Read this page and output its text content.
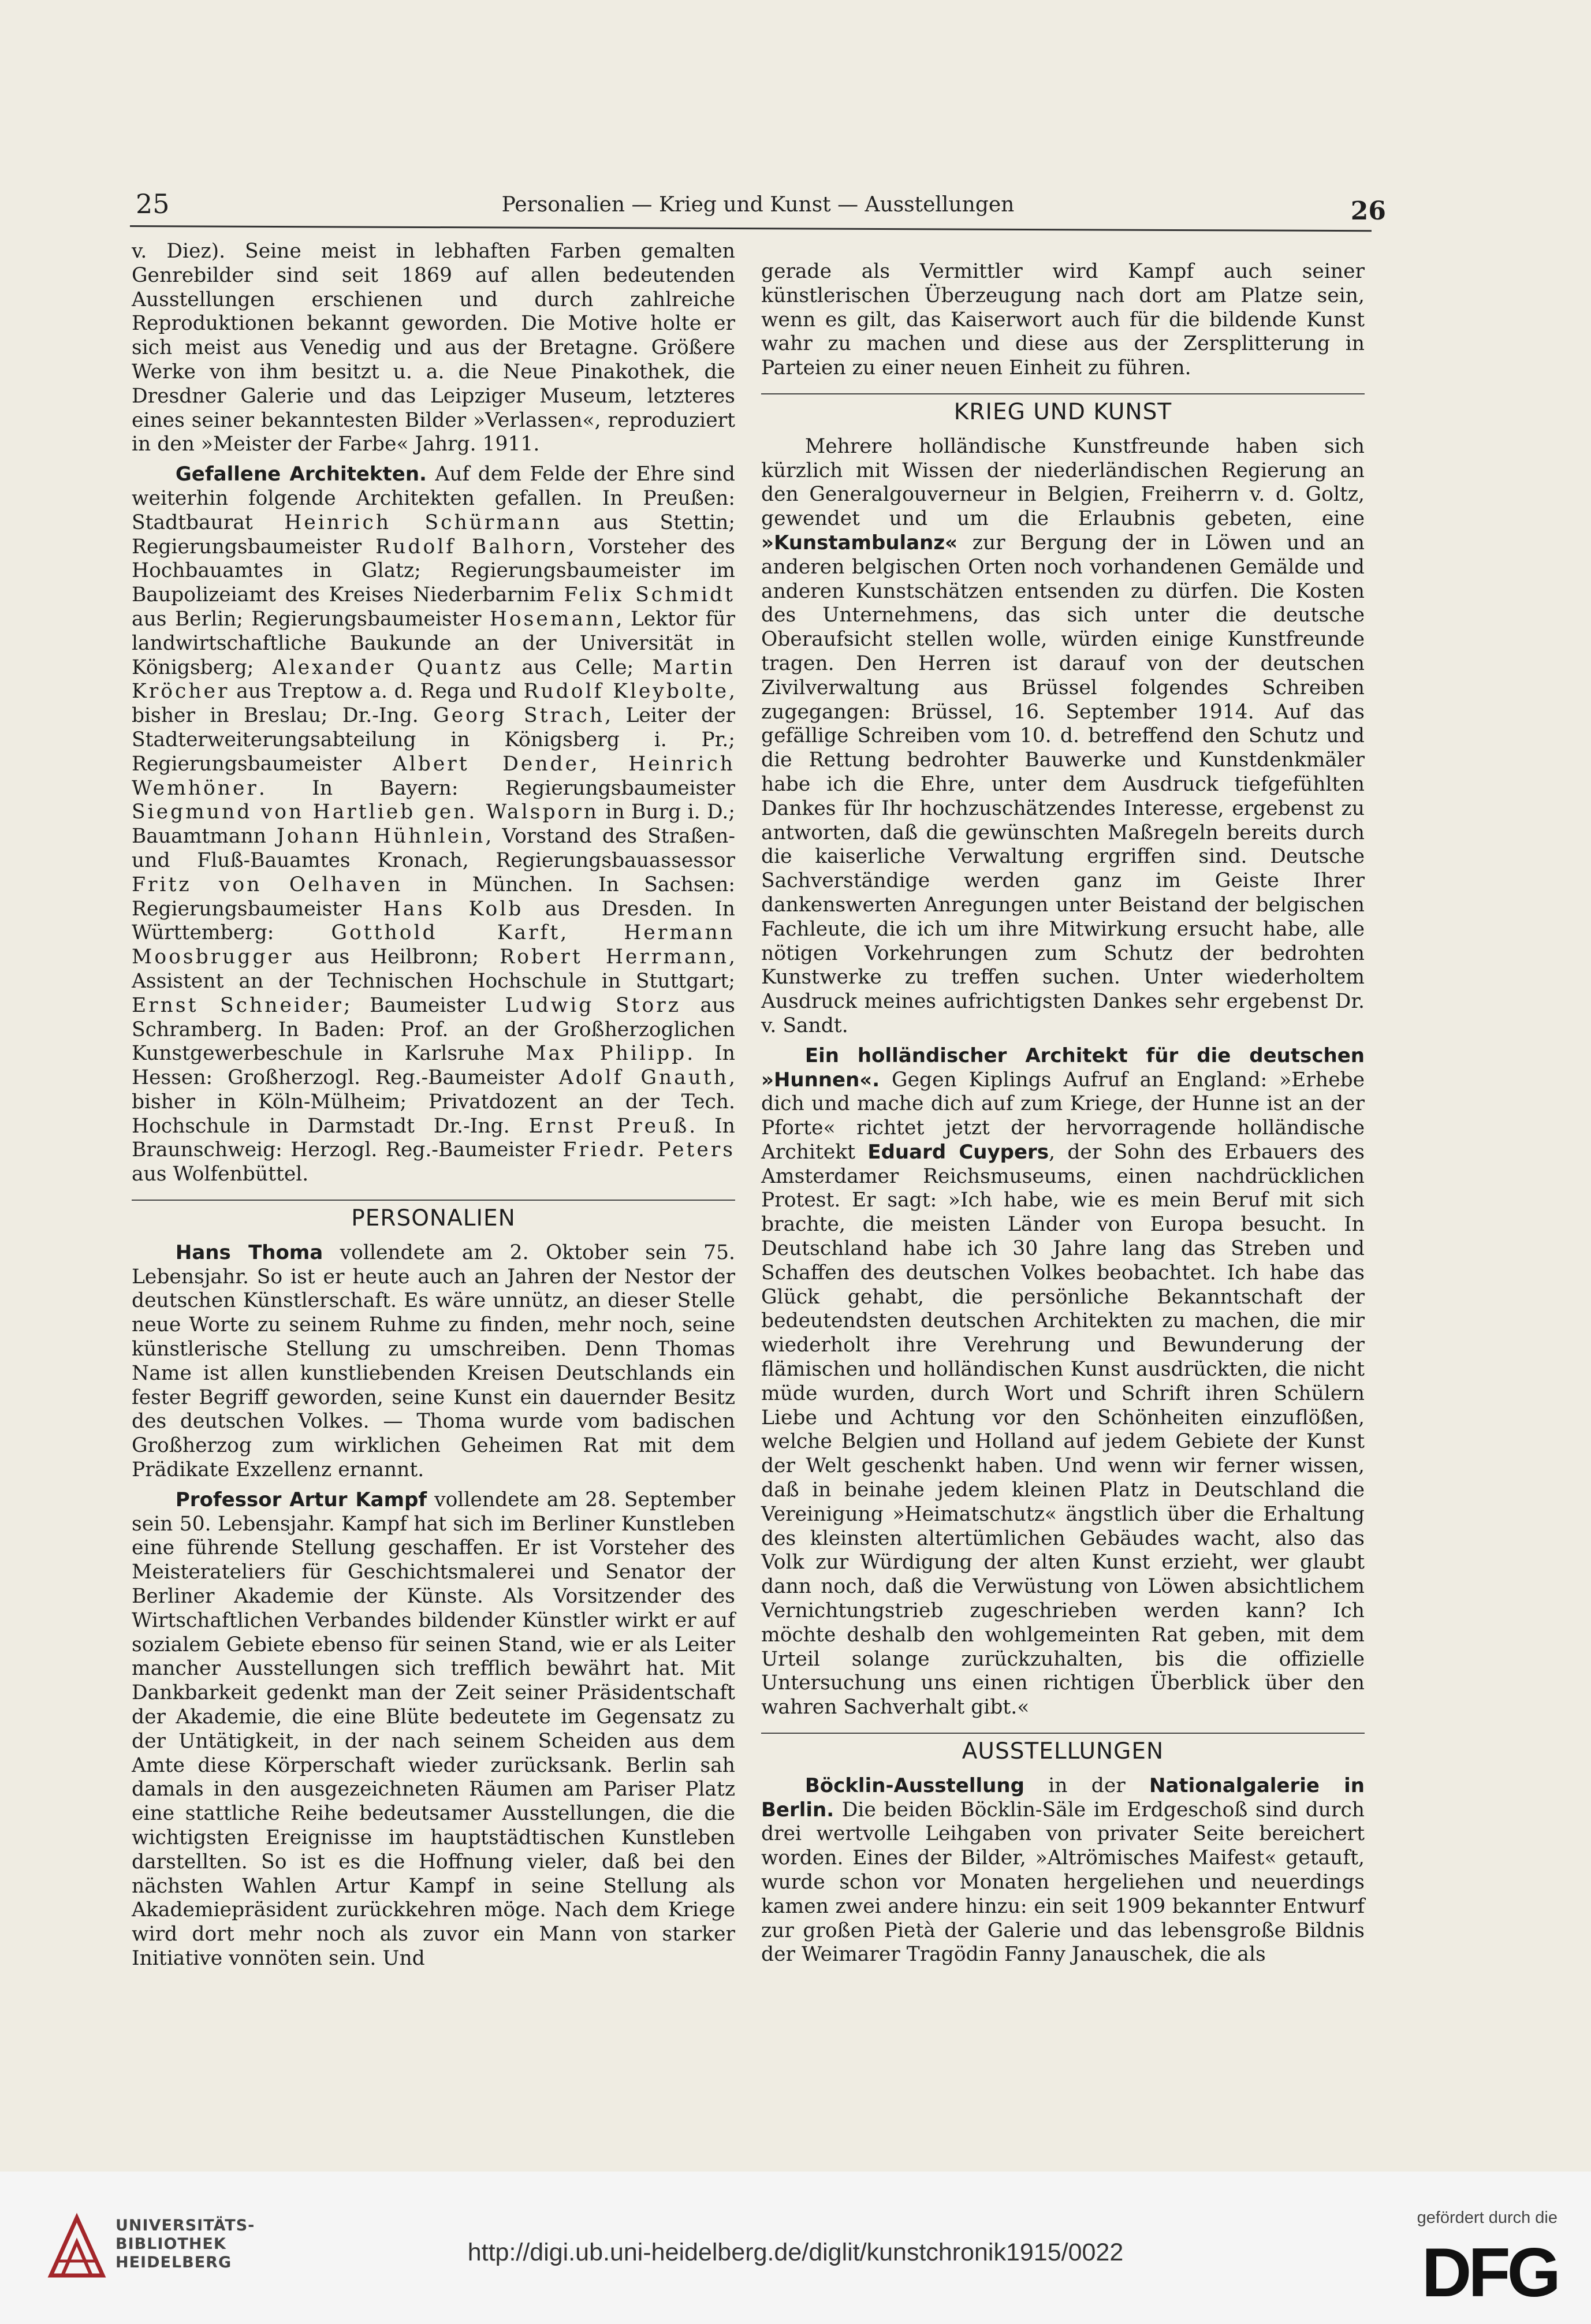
25	Personalien — Krieg und Kunst — Ausstellungen	26

v. Diez). Seine meist in lebhaften Farben gemalten Genrebilder sind seit 1869 auf allen bedeutenden Ausstellungen erschienen und durch zahlreiche Reproduktionen bekannt geworden. Die Motive holte er sich meist aus Venedig und aus der Bretagne. Größere Werke von ihm besitzt u. a. die Neue Pinakothek, die Dresdner Galerie und das Leipziger Museum, letzteres eines seiner bekanntesten Bilder »Verlassen«, reproduziert in den »Meister der Farbe« Jahrg. 1911.

Gefallene Architekten. Auf dem Felde der Ehre sind weiterhin folgende Architekten gefallen. In Preußen: Stadtbaurat Heinrich Schürmann aus Stettin; Regierungsbaumeister Rudolf Balhorn, Vorsteher des Hochbauamtes in Glatz; Regierungsbaumeister im Baupolizeiamt des Kreises Niederbarnim Felix Schmidt aus Berlin; Regierungsbaumeister Hosemann, Lektor für landwirtschaftliche Baukunde an der Universität in Königsberg; Alexander Quantz aus Celle; Martin Kröcher aus Treptow a. d. Rega und Rudolf Kleybolte, bisher in Breslau; Dr.-Ing. Georg Strach, Leiter der Stadterweiterungsabteilung in Königsberg i. Pr.; Regierungsbaumeister Albert Dender, Heinrich Wemhöner. In Bayern: Regierungsbaumeister Siegmund von Hartlieb gen. Walsporn in Burg i. D.; Bauamtmann Johann Hühnlein, Vorstand des Straßen- und Fluß-Bauamtes Kronach, Regierungsbauassessor Fritz von Oelhaven in München. In Sachsen: Regierungsbaumeister Hans Kolb aus Dresden. In Württemberg: Gotthold Karft, Hermann Moosbrugger aus Heilbronn; Robert Herrmann, Assistent an der Technischen Hochschule in Stuttgart; Ernst Schneider; Baumeister Ludwig Storz aus Schramberg. In Baden: Prof. an der Großherzoglichen Kunstgewerbeschule in Karlsruhe Max Philipp. In Hessen: Großherzogl. Reg.-Baumeister Adolf Gnauth, bisher in Köln-Mülheim; Privatdozent an der Tech. Hochschule in Darmstadt Dr.-Ing. Ernst Preuß. In Braunschweig: Herzogl. Reg.-Baumeister Friedr. Peters aus Wolfenbüttel.

PERSONALIEN

Hans Thoma vollendete am 2. Oktober sein 75. Lebensjahr. So ist er heute auch an Jahren der Nestor der deutschen Künstlerschaft. Es wäre unnütz, an dieser Stelle neue Worte zu seinem Ruhme zu finden, mehr noch, seine künstlerische Stellung zu umschreiben. Denn Thomas Name ist allen kunstliebenden Kreisen Deutschlands ein fester Begriff geworden, seine Kunst ein dauernder Besitz des deutschen Volkes. — Thoma wurde vom badischen Großherzog zum wirklichen Geheimen Rat mit dem Prädikate Exzellenz ernannt.

Professor Artur Kampf vollendete am 28. September sein 50. Lebensjahr. Kampf hat sich im Berliner Kunstleben eine führende Stellung geschaffen. Er ist Vorsteher des Meisterateliers für Geschichtsmalerei und Senator der Berliner Akademie der Künste. Als Vorsitzender des Wirtschaftlichen Verbandes bildender Künstler wirkt er auf sozialem Gebiete ebenso für seinen Stand, wie er als Leiter mancher Ausstellungen sich trefflich bewährt hat. Mit Dankbarkeit gedenkt man der Zeit seiner Präsidentschaft der Akademie, die eine Blüte bedeutete im Gegensatz zu der Untätigkeit, in der nach seinem Scheiden aus dem Amte diese Körperschaft wieder zurücksank. Berlin sah damals in den ausgezeichneten Räumen am Pariser Platz eine stattliche Reihe bedeutsamer Ausstellungen, die die wichtigsten Ereignisse im hauptstädtischen Kunstleben darstellten. So ist es die Hoffnung vieler, daß bei den nächsten Wahlen Artur Kampf in seine Stellung als Akademiepräsident zurückkehren möge. Nach dem Kriege wird dort mehr noch als zuvor ein Mann von starker Initiative vonnöten sein. Und

gerade als Vermittler wird Kampf auch seiner künstlerischen Überzeugung nach dort am Platze sein, wenn es gilt, das Kaiserwort auch für die bildende Kunst wahr zu machen und diese aus der Zersplitterung in Parteien zu einer neuen Einheit zu führen.

KRIEG UND KUNST

Mehrere holländische Kunstfreunde haben sich kürzlich mit Wissen der niederländischen Regierung an den Generalgouverneur in Belgien, Freiherrn v. d. Goltz, gewendet und um die Erlaubnis gebeten, eine »Kunstambulanz« zur Bergung der in Löwen und an anderen belgischen Orten noch vorhandenen Gemälde und anderen Kunstschätzen entsenden zu dürfen. Die Kosten des Unternehmens, das sich unter die deutsche Oberaufsicht stellen wolle, würden einige Kunstfreunde tragen. Den Herren ist darauf von der deutschen Zivilverwaltung aus Brüssel folgendes Schreiben zugegangen: Brüssel, 16. September 1914. Auf das gefällige Schreiben vom 10. d. betreffend den Schutz und die Rettung bedrohter Bauwerke und Kunstdenkmäler habe ich die Ehre, unter dem Ausdruck tiefgefühlten Dankes für Ihr hochzuschätzendes Interesse, ergebenst zu antworten, daß die gewünschten Maßregeln bereits durch die kaiserliche Verwaltung ergriffen sind. Deutsche Sachverständige werden ganz im Geiste Ihrer dankenswerten Anregungen unter Beistand der belgischen Fachleute, die ich um ihre Mitwirkung ersucht habe, alle nötigen Vorkehrungen zum Schutz der bedrohten Kunstwerke zu treffen suchen. Unter wiederholtem Ausdruck meines aufrichtigsten Dankes sehr ergebenst Dr. v. Sandt.

Ein holländischer Architekt für die deutschen »Hunnen«. Gegen Kiplings Aufruf an England: »Erhebe dich und mache dich auf zum Kriege, der Hunne ist an der Pforte« richtet jetzt der hervorragende holländische Architekt Eduard Cuypers, der Sohn des Erbauers des Amsterdamer Reichsmuseums, einen nachdrücklichen Protest. Er sagt: »Ich habe, wie es mein Beruf mit sich brachte, die meisten Länder von Europa besucht. In Deutschland habe ich 30 Jahre lang das Streben und Schaffen des deutschen Volkes beobachtet. Ich habe das Glück gehabt, die persönliche Bekanntschaft der bedeutendsten deutschen Architekten zu machen, die mir wiederholt ihre Verehrung und Bewunderung der flämischen und holländischen Kunst ausdrückten, die nicht müde wurden, durch Wort und Schrift ihren Schülern Liebe und Achtung vor den Schönheiten einzuflößen, welche Belgien und Holland auf jedem Gebiete der Kunst der Welt geschenkt haben. Und wenn wir ferner wissen, daß in beinahe jedem kleinen Platz in Deutschland die Vereinigung »Heimatschutz« ängstlich über die Erhaltung des kleinsten altertümlichen Gebäudes wacht, also das Volk zur Würdigung der alten Kunst erzieht, wer glaubt dann noch, daß die Verwüstung von Löwen absichtlichem Vernichtungstrieb zugeschrieben werden kann? Ich möchte deshalb den wohlgemeinten Rat geben, mit dem Urteil solange zurückzuhalten, bis die offizielle Untersuchung uns einen richtigen Überblick über den wahren Sachverhalt gibt.«

AUSSTELLUNGEN

Böcklin-Ausstellung in der Nationalgalerie in Berlin. Die beiden Böcklin-Säle im Erdgeschoß sind durch drei wertvolle Leihgaben von privater Seite bereichert worden. Eines der Bilder, »Altrömisches Maifest« getauft, wurde schon vor Monaten hergeliehen und neuerdings kamen zwei andere hinzu: ein seit 1909 bekannter Entwurf zur großen Pietà der Galerie und das lebensgroße Bildnis der Weimarer Tragödin Fanny Janauschek, die als

UNIVERSITÄTS-
BIBLIOTHEK
HEIDELBERG	http://digi.ub.uni-heidelberg.de/diglit/kunstchronik1915/0022
gefördert durch die
DFG
